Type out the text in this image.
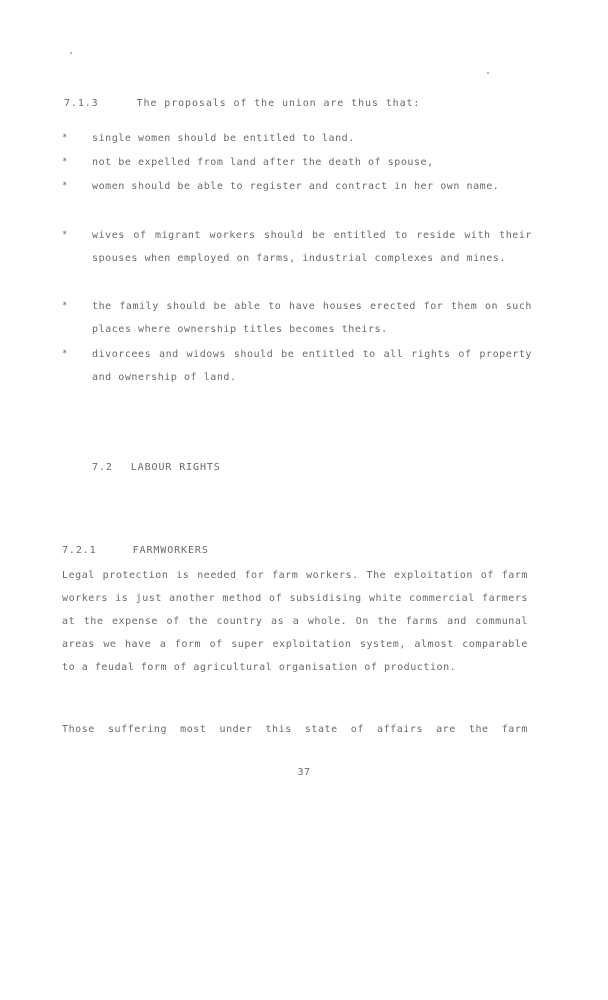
7.1.3	The proposals of the union are thus that:
*	single women should be entitled to land.
*	not be expelled from land after the death of spouse,
*	women should be able to register and contract in her own name.
*	wives of migrant workers should be entitled to reside with their spouses when employed on farms, industrial complexes and mines.
*	the family should be able to have houses erected for them on such places where ownership titles becomes theirs.
*	divorcees and widows should be entitled to all rights of property and ownership of land.
7.2 LABOUR RIGHTS
7.2.1	FARMWORKERS
Legal protection is needed for farm workers. The exploitation of farm workers is just another method of subsidising white commercial farmers at the expense of the country as a whole. On the farms and communal areas we have a form of super exploitation system, almost comparable to a feudal form of agricultural organisation of production.
Those suffering most under this state of affairs are the farm
37
